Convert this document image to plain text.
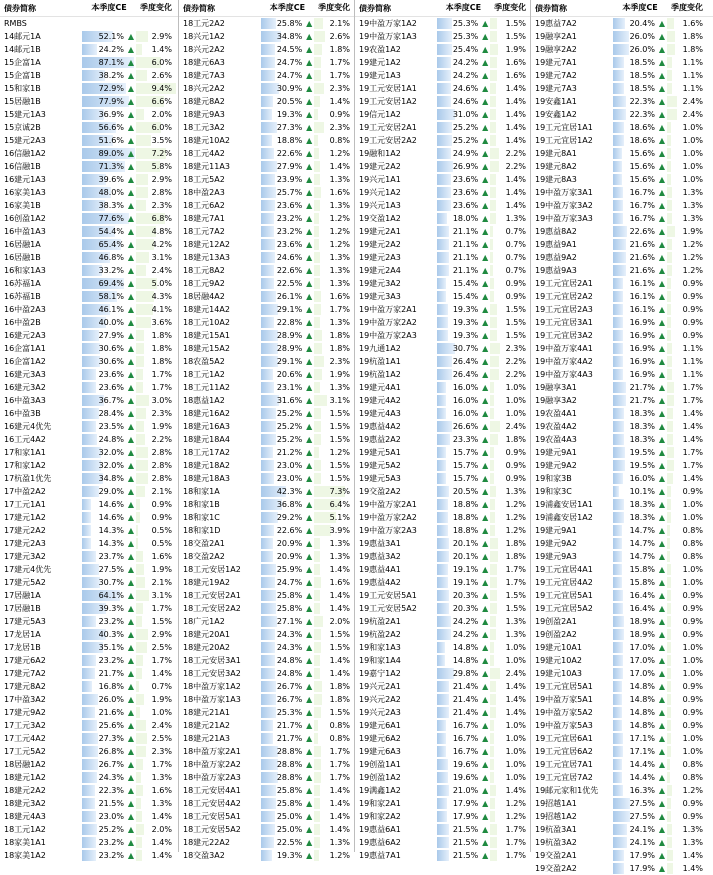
债券简称	本季度CE	季度变化
RMBS
14邮元1A	52.1% ▲	2.9%
14邮元1B	24.2% ▲	1.4%
15企富1A	87.1% ▲	6.0%
15企富1B	38.2% ▲	2.6%
15和家1B	72.9% ▲	9.4%
15居融1B	77.9% ▲	6.6%
15建元1A3	36.9% ▲	2.0%
15京诚2B	56.6% ▲	6.0%
15建元2A3	51.6% ▲	3.5%
16信融1A2	89.0% ▲	7.2%
16信融1B	71.3% ▲	5.8%
16建元1A3	39.6% ▲	2.9%
16家美1A3	48.0% ▲	2.8%
16家美1B	38.3% ▲	2.3%
16创盈1A2	77.6% ▲	6.8%
16中盈1A3	54.4% ▲	4.8%
16居融1A	65.4% ▲	4.2%
16居融1B	46.8% ▲	3.1%
16和家1A3	33.2% ▲	2.4%
16苏福1A	69.4% ▲	5.0%
16苏福1B	58.1% ▲	4.3%
16中盈2A3	46.1% ▲	4.1%
16中盈2B	40.0% ▲	3.6%
16建元2A3	27.9% ▲	1.8%
16企富1A1	30.6% ▲	1.8%
16企富1A2	30.6% ▲	1.8%
16建元3A3	23.6% ▲	1.7%
16建元3A2	23.6% ▲	1.7%
16中盈3A3	36.7% ▲	3.0%
16中盈3B	28.4% ▲	2.3%
16建元4优先	23.5% ▲	1.9%
16工元4A2	24.8% ▲	2.2%
17和家1A1	32.0% ▲	2.8%
17和家1A2	32.0% ▲	2.8%
17杭盈1优先	34.8% ▲	2.8%
17中盈2A2	29.0% ▲	2.1%
17工元1A1	14.6% ▲	0.9%
17建元1A2	14.6% ▲	0.9%
17建元2A2	14.3% ▲	0.5%
17建元2A3	14.3% ▲	0.5%
17建元3A2	23.7% ▲	1.6%
17建元4优先	27.5% ▲	1.9%
17建元5A2	30.7% ▲	2.1%
17居融1A	64.1% ▲	3.1%
17居融1B	39.3% ▲	1.7%
17建元5A3	23.2% ▲	1.5%
17龙居1A	40.3% ▲	2.9%
17龙居1B	35.1% ▲	2.5%
17建元6A2	23.2% ▲	1.7%
17建元7A2	21.7% ▲	1.4%
17建元8A2	16.8% ▲	0.7%
17中盈3A2	26.0% ▲	1.9%
17建元9A2	21.6% ▲	1.0%
17工元3A2	25.6% ▲	2.4%
17工元4A2	27.3% ▲	2.5%
17工元5A2	26.8% ▲	2.3%
18居融1A2	26.7% ▲	1.7%
18建元1A2	24.3% ▲	1.3%
18建元2A2	22.3% ▲	1.6%
18建元3A2	21.5% ▲	1.3%
18建元4A3	23.0% ▲	1.4%
18工元1A2	25.2% ▲	2.0%
18家美1A1	23.2% ▲	1.4%
18家美1A2	23.2% ▲	1.4%
债券简称	本季度CE	季度变化
18工元2A2	25.8% ▲	2.1%
18兴元1A2	34.8% ▲	2.6%
18兴元2A2	24.5% ▲	1.8%
18建元6A3	24.7% ▲	1.7%
18建元7A3	24.7% ▲	1.7%
18兴元2A2	30.9% ▲	2.3%
18建元8A2	20.5% ▲	1.4%
18建元9A3	19.3% ▲	0.9%
18工元3A2	27.3% ▲	2.3%
18建元10A2	18.8% ▲	0.8%
18工元4A2	22.6% ▲	1.2%
18建元11A3	27.9% ▲	1.4%
18工元5A2	23.9% ▲	1.3%
18中盈2A3	25.7% ▲	1.6%
18工元6A2	23.6% ▲	1.3%
18建元7A1	23.2% ▲	1.2%
18工元7A2	23.2% ▲	1.2%
18建元12A2	23.6% ▲	1.2%
18建元13A3	24.6% ▲	1.3%
18工元8A2	22.6% ▲	1.3%
18工元9A2	22.5% ▲	1.3%
18居融4A2	26.1% ▲	1.6%
18建元14A2	29.1% ▲	1.7%
18工元10A2	22.8% ▲	1.3%
18建元15A1	28.9% ▲	1.8%
18建元15A2	28.9% ▲	1.8%
18农盈5A2	29.1% ▲	2.3%
18工元1A2	20.6% ▲	1.9%
18工元11A2	23.1% ▲	1.3%
18惠益1A2	31.6% ▲	3.1%
18建元16A2	25.2% ▲	1.5%
18建元16A3	25.2% ▲	1.5%
18建元18A4	25.2% ▲	1.5%
18工元17A2	21.2% ▲	1.2%
18建元18A2	23.0% ▲	1.5%
18建元18A3	23.0% ▲	1.5%
18和家1A	42.3% ▲	7.3%
18和家1B	36.8% ▲	6.4%
18和家1C	29.2% ▲	5.1%
18和家1D	22.6% ▲	3.9%
18交盈2A1	20.9% ▲	1.3%
18交盈2A2	20.9% ▲	1.3%
18工元安居1A2	25.9% ▲	1.4%
18建元19A2	24.7% ▲	1.6%
18工元安居2A1	25.8% ▲	1.4%
18工元安居2A2	25.8% ▲	1.4%
18广元1A2	27.1% ▲	2.0%
18建元20A1	24.3% ▲	1.5%
18建元20A2	24.3% ▲	1.5%
18工元安居3A1	24.8% ▲	1.4%
18工元安居3A2	24.8% ▲	1.4%
18中盈万家1A2	26.7% ▲	1.8%
18中盈万家1A3	26.7% ▲	1.8%
18建元21A1	25.3% ▲	1.5%
18建元21A2	21.7% ▲	0.8%
18建元21A3	21.7% ▲	0.8%
18中盈万家2A1	28.8% ▲	1.7%
18中盈万家2A2	28.8% ▲	1.7%
18中盈万家2A3	28.8% ▲	1.7%
18工元安居4A1	25.8% ▲	1.4%
18工元安居4A2	25.8% ▲	1.4%
18工元安居5A1	25.0% ▲	1.4%
18工元安居5A2	25.0% ▲	1.4%
18建元22A2	22.5% ▲	1.3%
18交盈3A2	19.3% ▲	1.2%
债券简称	本季度CE	季度变化
19中盈万家1A2	25.3% ▲	1.5%
19中盈万家1A3	25.3% ▲	1.5%
19农盈1A2	25.4% ▲	1.9%
19建元1A2	24.2% ▲	1.6%
19建元1A3	24.2% ▲	1.6%
19工元安居1A1	24.6% ▲	1.4%
19工元安居1A2	24.6% ▲	1.4%
19信元1A2	31.0% ▲	1.4%
19工元安居2A1	25.2% ▲	1.4%
19工元安居2A2	25.2% ▲	1.4%
19融和1A2	24.9% ▲	2.2%
19建元2A2	26.9% ▲	2.2%
19兴元1A1	23.6% ▲	1.4%
19兴元1A2	23.6% ▲	1.4%
19兴元1A3	23.6% ▲	1.4%
19交盈1A2	18.0% ▲	1.3%
19建元2A1	21.1% ▲	0.7%
19建元2A2	21.1% ▲	0.7%
19建元2A3	21.1% ▲	0.7%
19建元2A4	21.1% ▲	0.7%
19建元3A2	15.4% ▲	0.9%
19建元3A3	15.4% ▲	0.9%
19中盈万家2A1	19.3% ▲	1.5%
19中盈万家2A2	19.3% ▲	1.5%
19中盈万家2A3	19.3% ▲	1.5%
19九通1A2	30.7% ▲	2.3%
19杭盈1A1	26.4% ▲	2.2%
19杭盈1A2	26.4% ▲	2.2%
19建元4A1	16.0% ▲	1.0%
19建元4A2	16.0% ▲	1.0%
19建元4A3	16.0% ▲	1.0%
19惠益4A2	26.6% ▲	2.4%
19惠益2A2	23.3% ▲	1.8%
19建元5A1	15.7% ▲	0.9%
19建元5A2	15.7% ▲	0.9%
19建元5A3	15.7% ▲	0.9%
19交盈2A2	20.5% ▲	1.3%
19中盈万家2A1	18.8% ▲	1.2%
19中盈万家2A2	18.8% ▲	1.2%
19中盈万家2A3	18.8% ▲	1.2%
19惠益3A1	20.1% ▲	1.8%
19惠益3A2	20.1% ▲	1.8%
19惠益4A1	19.1% ▲	1.7%
19惠益4A2	19.1% ▲	1.7%
19工元安居5A1	20.3% ▲	1.5%
19工元安居5A2	20.3% ▲	1.5%
19杭盈2A1	24.2% ▲	1.3%
19杭盈2A2	24.2% ▲	1.3%
19和家1A3	14.8% ▲	1.0%
19和家1A4	14.8% ▲	1.0%
19嘉宁1A2	29.8% ▲	2.4%
19兴元2A1	21.4% ▲	1.4%
19兴元2A2	21.4% ▲	1.4%
19兴元2A3	21.4% ▲	1.4%
19建元6A1	16.7% ▲	1.0%
19建元6A2	16.7% ▲	1.0%
19建元6A3	16.7% ▲	1.0%
19创盈1A1	19.6% ▲	1.0%
19创盈1A2	19.6% ▲	1.0%
19满鑫1A2	21.0% ▲	1.4%
19和家2A1	17.9% ▲	1.2%
19和家2A2	17.9% ▲	1.2%
19惠益6A1	21.5% ▲	1.7%
19惠益6A2	21.5% ▲	1.7%
19惠益7A1	21.5% ▲	1.7%
债券简称	本季度CE	季度变化
19惠益7A2	20.4% ▲	1.6%
19融享2A1	26.0% ▲	1.8%
19融享2A2	26.0% ▲	1.8%
19建元7A1	18.5% ▲	1.1%
19建元7A2	18.5% ▲	1.1%
19建元7A3	18.5% ▲	1.1%
19安鑫1A1	22.3% ▲	2.4%
19安鑫1A2	22.3% ▲	2.4%
19工元宜居1A1	18.6% ▲	1.0%
19工元宜居1A2	18.6% ▲	1.0%
19建元8A1	15.6% ▲	1.0%
19建元8A2	15.6% ▲	1.0%
19建元8A3	15.6% ▲	1.0%
19中盈万家3A1	16.7% ▲	1.3%
19中盈万家3A2	16.7% ▲	1.3%
19中盈万家3A3	16.7% ▲	1.3%
19惠益8A2	22.6% ▲	1.9%
19惠益9A1	21.6% ▲	1.2%
19惠益9A2	21.6% ▲	1.2%
19惠益9A3	21.6% ▲	1.2%
19工元宜居2A1	16.1% ▲	0.9%
19工元宜居2A2	16.1% ▲	0.9%
19工元宜居2A3	16.1% ▲	0.9%
19工元宜居3A1	16.9% ▲	0.9%
19工元宜居3A2	16.9% ▲	0.9%
19中盈万家4A1	16.9% ▲	1.1%
19中盈万家4A2	16.9% ▲	1.1%
19中盈万家4A3	16.9% ▲	1.1%
19融享3A1	21.7% ▲	1.7%
19融享3A2	21.7% ▲	1.7%
19农盈4A1	18.3% ▲	1.4%
19农盈4A2	18.3% ▲	1.4%
19农盈4A3	18.3% ▲	1.4%
19建元9A1	19.5% ▲	1.7%
19建元9A2	19.5% ▲	1.7%
19和家3B	16.0% ▲	1.4%
19和家3C	10.1% ▲	0.9%
19浦鑫安居1A1	18.3% ▲	1.0%
19浦鑫安居1A2	18.3% ▲	1.0%
19建元9A1	14.7% ▲	0.8%
19建元9A2	14.7% ▲	0.8%
19建元9A3	14.7% ▲	0.8%
19工元宜居4A1	15.8% ▲	1.0%
19工元宜居4A2	15.8% ▲	1.0%
19工元宜居5A1	16.4% ▲	0.9%
19工元宜居5A2	16.4% ▲	0.9%
19创盈2A1	18.9% ▲	0.9%
19创盈2A2	18.9% ▲	0.9%
19建元10A1	17.0% ▲	1.0%
19建元10A2	17.0% ▲	1.0%
19建元10A3	17.0% ▲	1.0%
19工元宜居5A1	14.8% ▲	0.9%
19中盈万家5A1	14.8% ▲	0.9%
19中盈万家5A2	14.8% ▲	0.9%
19中盈万家5A3	14.8% ▲	0.9%
19工元宜居6A1	17.1% ▲	1.0%
19工元宜居6A2	17.1% ▲	1.0%
19工元宜居7A1	14.4% ▲	0.8%
19工元宜居7A2	14.4% ▲	0.8%
19邮元家和1优先	16.3% ▲	1.2%
19招越1A1	27.5% ▲	0.9%
19招越1A2	27.5% ▲	0.9%
19杭盈3A1	24.1% ▲	1.3%
19杭盈3A2	24.1% ▲	1.3%
19交盈2A1	17.9% ▲	1.4%
19交盈2A2	17.9% ▲	1.4%
